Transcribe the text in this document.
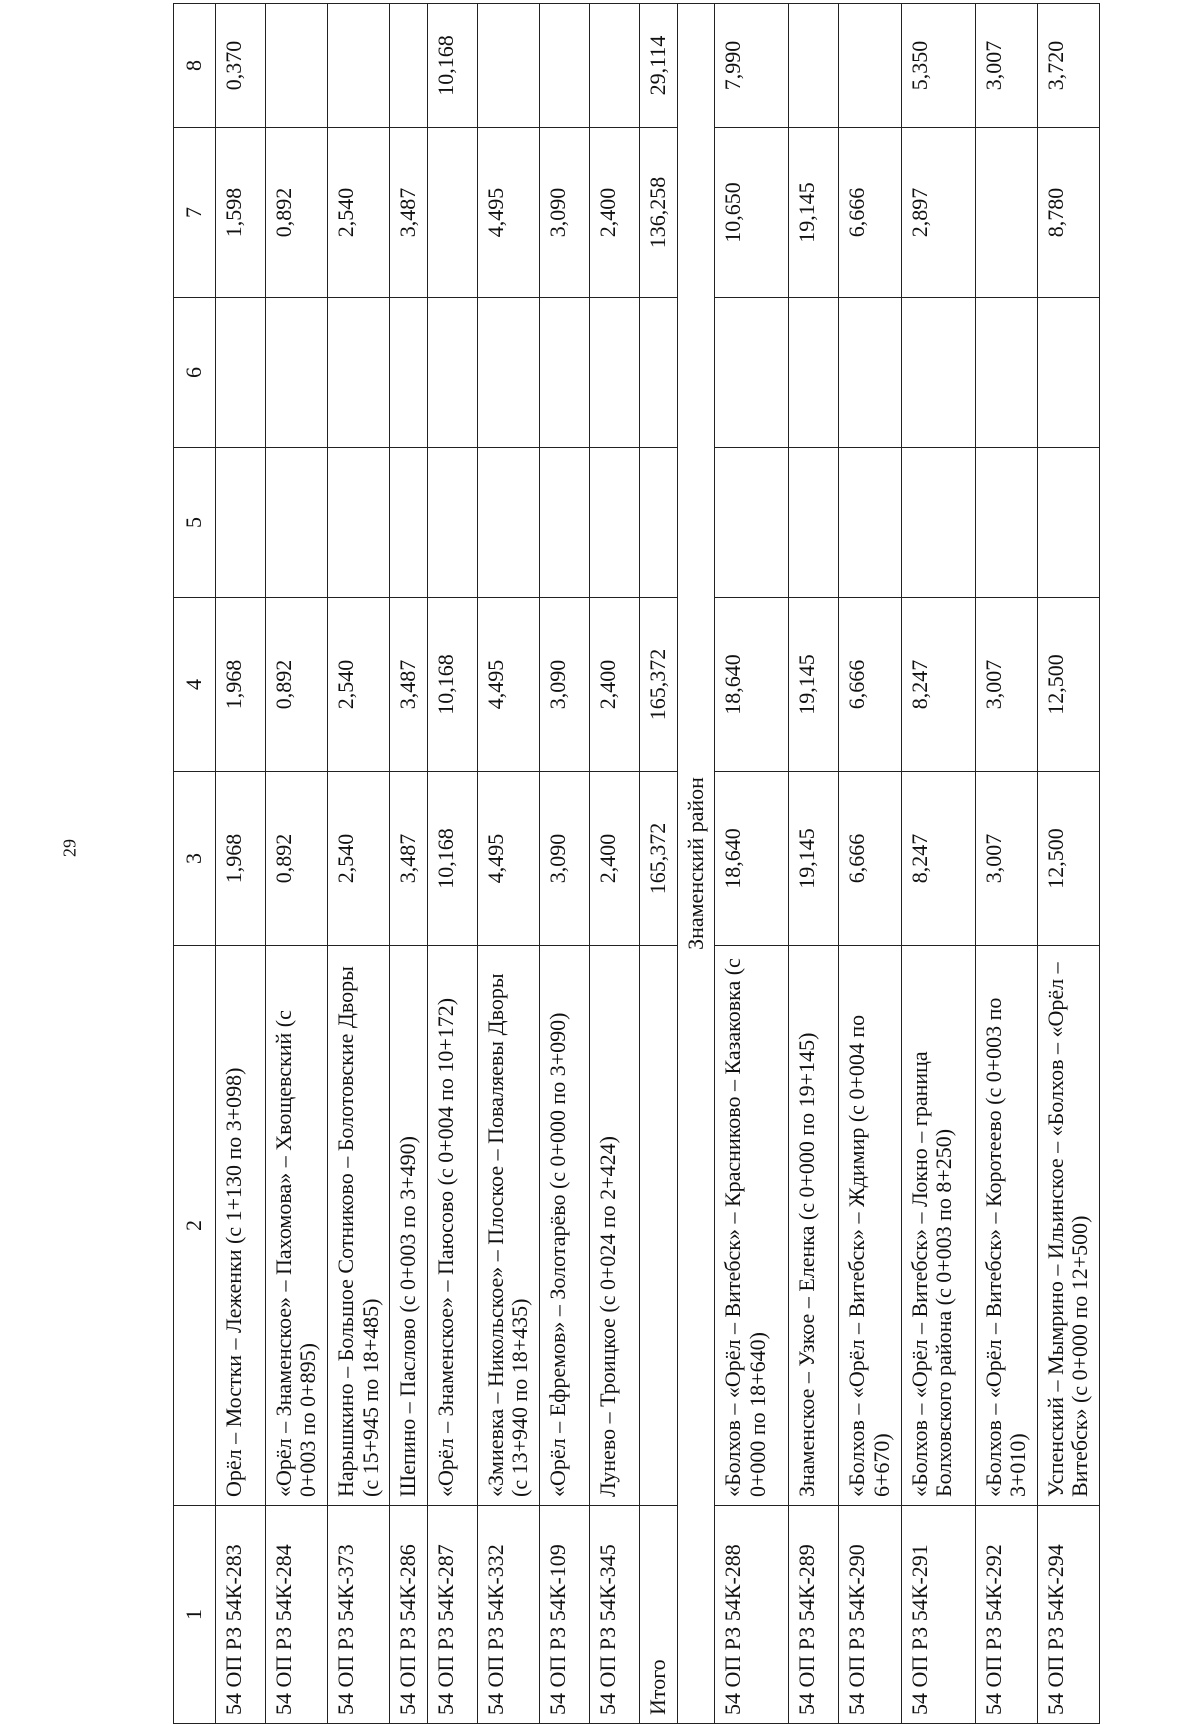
29
1	2	3	4	5	6	7	8
54 ОП РЗ 54К-283	Орёл – Мостки – Леженки (с 1+130 по 3+098)	1,968	1,968			1,598	0,370
54 ОП РЗ 54К-284	«Орёл – Знаменское» – Пахомова» – Хвощевский (с 0+003 по 0+895)	0,892	0,892			0,892	
54 ОП РЗ 54К-373	Нарышкино – Большое Сотниково – Болотовские Дворы (с 15+945 по 18+485)	2,540	2,540			2,540	
54 ОП РЗ 54К-286	Шепино – Паслово (с 0+003 по 3+490)	3,487	3,487			3,487	
54 ОП РЗ 54К-287	«Орёл – Знаменское» – Паюсово (с 0+004 по 10+172)	10,168	10,168				10,168
54 ОП РЗ 54К-332	«Змиевка – Никольское» – Плоское – Поваляевы Дворы (с 13+940 по 18+435)	4,495	4,495			4,495	
54 ОП РЗ 54К-109	«Орёл – Ефремов» – Золотарёво (с 0+000 по 3+090)	3,090	3,090			3,090	
54 ОП РЗ 54К-345	Лунево – Троицкое (с 0+024 по 2+424)	2,400	2,400			2,400	
Итого		165,372	165,372			136,258	29,114
Знаменский район							
54 ОП РЗ 54К-288	«Болхов – «Орёл – Витебск» – Красниково – Казаковка (с 0+000 по 18+640)	18,640	18,640			10,650	7,990
54 ОП РЗ 54К-289	Знаменское – Узкое – Еленка (с 0+000 по 19+145)	19,145	19,145			19,145	
54 ОП РЗ 54К-290	«Болхов – «Орёл – Витебск» – Ждимир (с 0+004 по 6+670)	6,666	6,666			6,666	
54 ОП РЗ 54К-291	«Болхов – «Орёл – Витебск» – Локно – граница Болховского района (с 0+003 по 8+250)	8,247	8,247			2,897	5,350
54 ОП РЗ 54К-292	«Болхов – «Орёл – Витебск» – Коротеево (с 0+003 по 3+010)	3,007	3,007				3,007
54 ОП РЗ 54К-294	Успенский – Мымрино – Ильинское – «Болхов – «Орёл – Витебск» (с 0+000 по 12+500)	12,500	12,500			8,780	3,720
